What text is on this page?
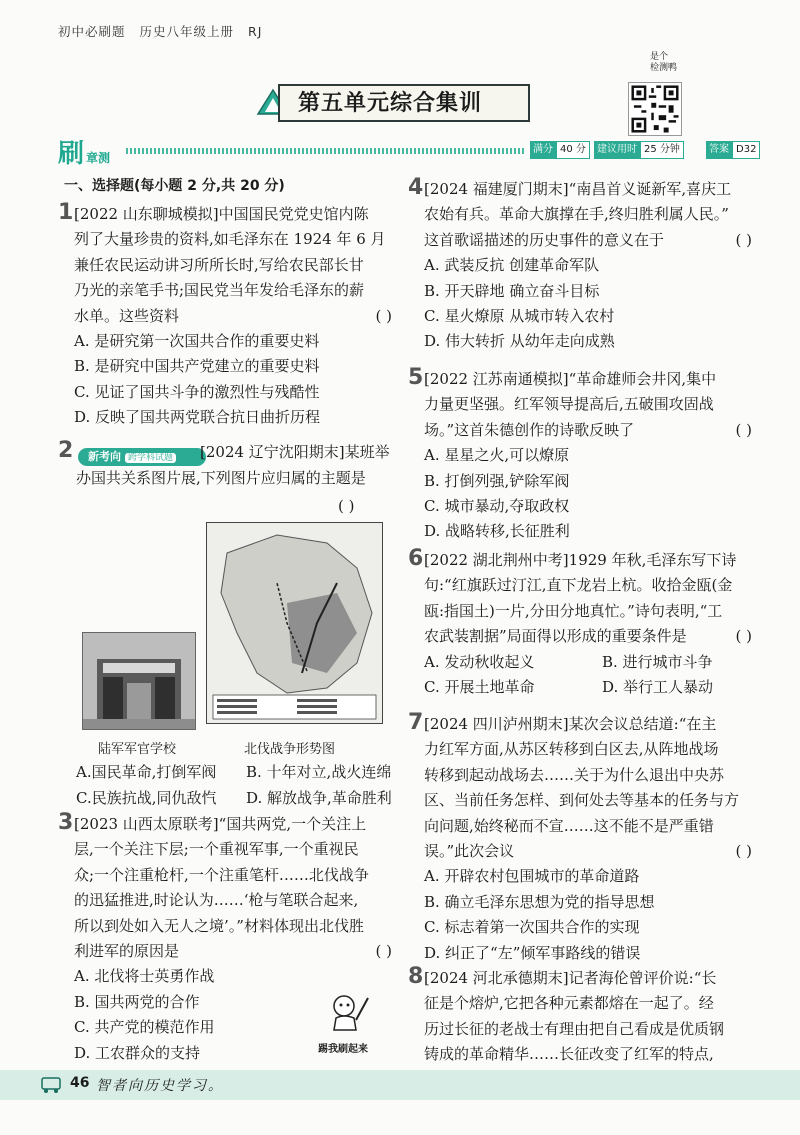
初中必刷题 历史八年级上册 RJ
第五单元综合集训
是个
检测鸭
刷章测
满分 40 分	建议用时 25 分钟	答案 D32
一、选择题(每小题 2 分,共 20 分)
1 [2022 山东聊城模拟]中国国民党党史馆内陈
列了大量珍贵的资料,如毛泽东在 1924 年 6 月
兼任农民运动讲习所所长时,写给农民部长甘
乃光的亲笔手书;国民党当年发给毛泽东的薪
水单。这些资料	( )
A. 是研究第一次国共合作的重要史料
B. 是研究中国共产党建立的重要史料
C. 见证了国共斗争的激烈性与残酷性
D. 反映了国共两党联合抗日曲折历程
2	新考向 跨学科试题	[2024 辽宁沈阳期末]某班举
办国共关系图片展,下列图片应归属的主题是
( )
陆军军官学校	北伐战争形势图
A.国民革命,打倒军阀 B. 十年对立,战火连绵
C.民族抗战,同仇敌忾 D. 解放战争,革命胜利
3 [2023 山西太原联考]“国共两党,一个关注上
层,一个关注下层;一个重视军事,一个重视民
众;一个注重枪杆,一个注重笔杆……北伐战争
的迅猛推进,时论认为……‘枪与笔联合起来,
所以到处如入无人之境’。”材料体现出北伐胜
利进军的原因是	( )
A. 北伐将士英勇作战
B. 国共两党的合作
C. 共产党的模范作用
D. 工农群众的支持	踢我刷起来
4 [2024 福建厦门期末]“南昌首义诞新军,喜庆工
农始有兵。革命大旗撑在手,终归胜利属人民。”
这首歌谣描述的历史事件的意义在于	( )
A. 武装反抗 创建革命军队
B. 开天辟地 确立奋斗目标
C. 星火燎原 从城市转入农村
D. 伟大转折 从幼年走向成熟
5 [2022 江苏南通模拟]“革命雄师会井冈,集中
力量更坚强。红军领导提高后,五破围攻固战
场。”这首朱德创作的诗歌反映了	( )
A. 星星之火,可以燎原
B. 打倒列强,铲除军阀
C. 城市暴动,夺取政权
D. 战略转移,长征胜利
6 [2022 湖北荆州中考]1929 年秋,毛泽东写下诗
句:“红旗跃过汀江,直下龙岩上杭。收拾金瓯(金
瓯:指国土)一片,分田分地真忙。”诗句表明,“工
农武装割据”局面得以形成的重要条件是	( )
A. 发动秋收起义	B. 进行城市斗争
C. 开展土地革命	D. 举行工人暴动
7 [2024 四川泸州期末]某次会议总结道:“在主
力红军方面,从苏区转移到白区去,从阵地战场
转移到起动战场去……关于为什么退出中央苏
区、当前任务怎样、到何处去等基本的任务与方
向问题,始终秘而不宣……这不能不是严重错
误。”此次会议	( )
A. 开辟农村包围城市的革命道路
B. 确立毛泽东思想为党的指导思想
C. 标志着第一次国共合作的实现
D. 纠正了“左”倾军事路线的错误
8 [2024 河北承德期末]记者海伦曾评价说:“长
征是个熔炉,它把各种元素都熔在一起了。经
历过长征的老战士有理由把自己看成是优质钢
铸成的革命精华……长征改变了红军的特点,
46 智者向历史学习。
